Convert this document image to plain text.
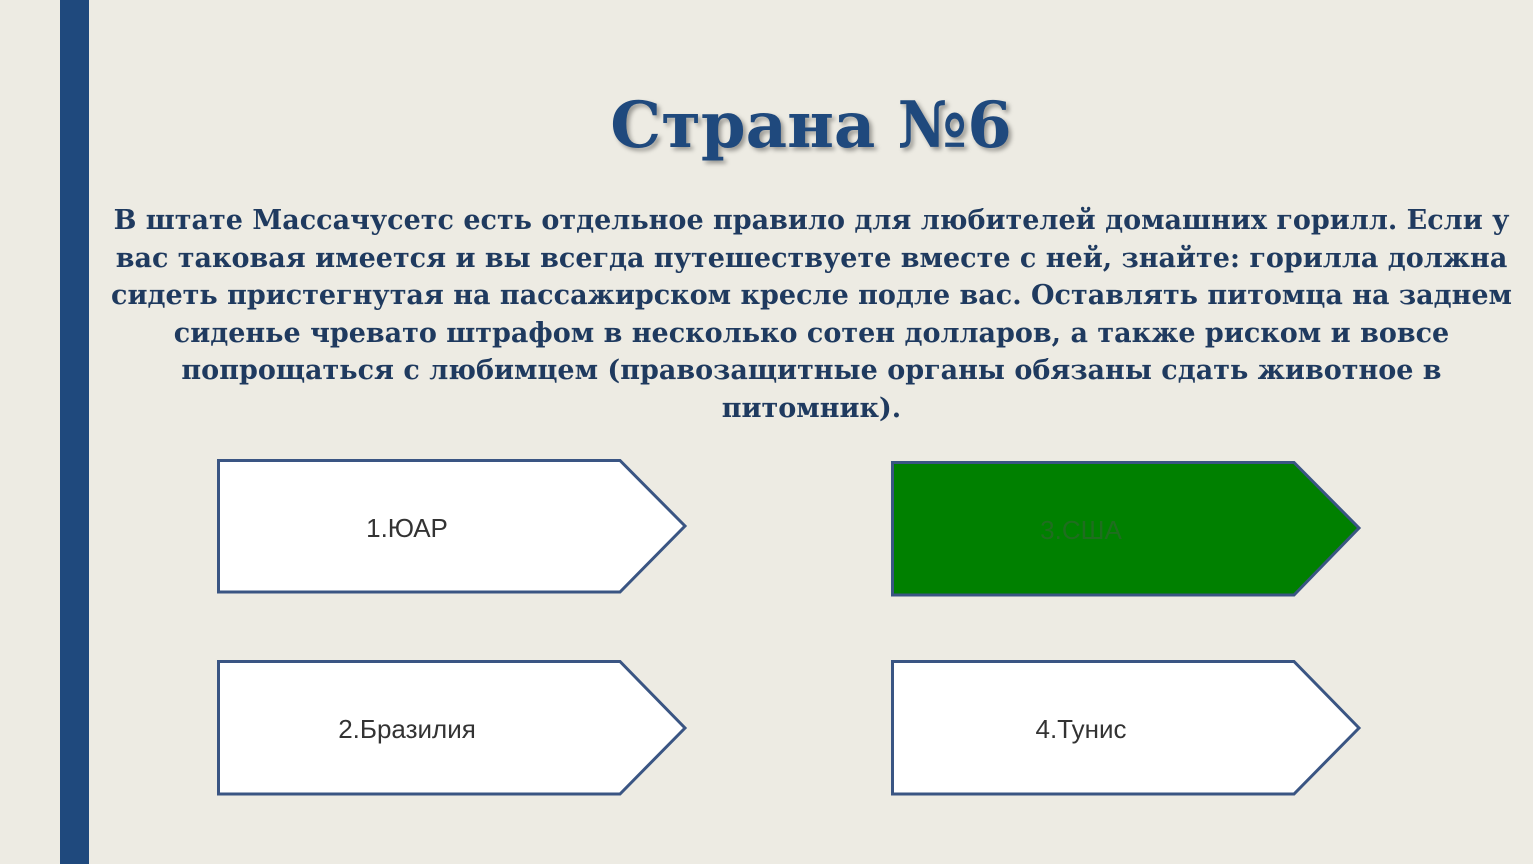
Страна №6

В штате Массачусетс есть отдельное правило для любителей домашних горилл. Если у вас таковая имеется и вы всегда путешествуете вместе с ней, знайте: горилла должна сидеть пристегнутая на пассажирском кресле подле вас. Оставлять питомца на заднем сиденье чревато штрафом в несколько сотен долларов, а также риском и вовсе попрощаться с любимцем (правозащитные органы обязаны сдать животное в питомник).

1.ЮАР
2.Бразилия
3.США
4.Тунис
